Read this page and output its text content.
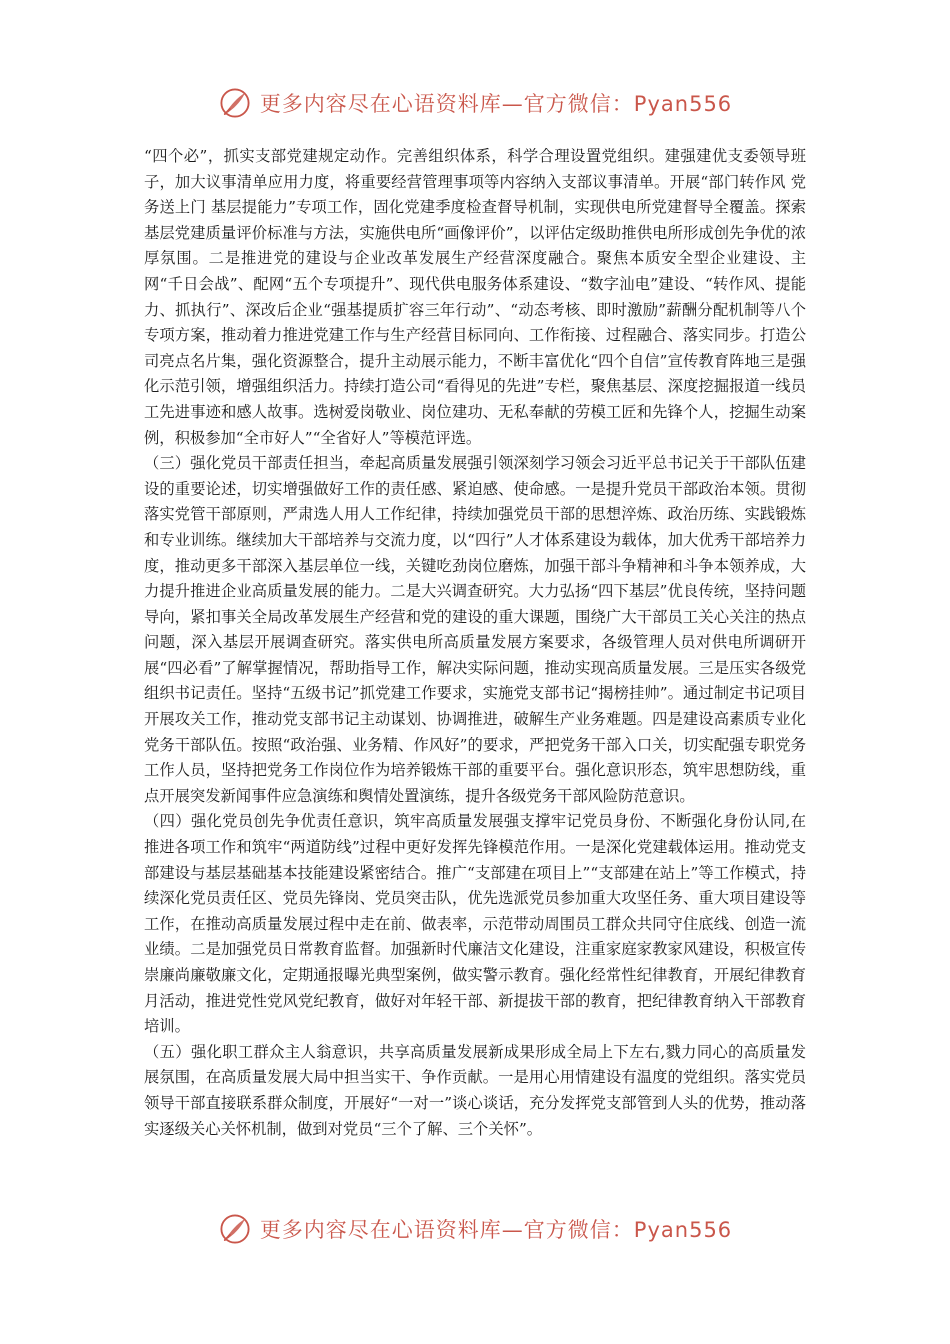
更多内容尽在心语资料库—官方微信：Pyan556

“四个必”，抓实支部党建规定动作。完善组织体系，科学合理设置党组织。建强建优支委领导班子，加大议事清单应用力度，将重要经营管理事项等内容纳入支部议事清单。开展“部门转作风 党务送上门 基层提能力”专项工作，固化党建季度检查督导机制，实现供电所党建督导全覆盖。探索基层党建质量评价标准与方法，实施供电所“画像评价”，以评估定级助推供电所形成创先争优的浓厚氛围。二是推进党的建设与企业改革发展生产经营深度融合。聚焦本质安全型企业建设、主网“千日会战”、配网“五个专项提升”、现代供电服务体系建设、“数字汕电”建设、“转作风、提能力、抓执行”、深改后企业“强基提质扩容三年行动”、“动态考核、即时激励”薪酬分配机制等八个专项方案，推动着力推进党建工作与生产经营目标同向、工作衔接、过程融合、落实同步。打造公司亮点名片集，强化资源整合，提升主动展示能力，不断丰富优化“四个自信”宣传教育阵地三是强化示范引领，增强组织活力。持续打造公司“看得见的先进”专栏，聚焦基层、深度挖掘报道一线员工先进事迹和感人故事。选树爱岗敬业、岗位建功、无私奉献的劳模工匠和先锋个人，挖掘生动案例，积极参加“全市好人”“全省好人”等模范评选。

（三）强化党员干部责任担当，牵起高质量发展强引领深刻学习领会习近平总书记关于干部队伍建设的重要论述，切实增强做好工作的责任感、紧迫感、使命感。一是提升党员干部政治本领。贯彻落实党管干部原则，严肃选人用人工作纪律，持续加强党员干部的思想淬炼、政治历练、实践锻炼和专业训练。继续加大干部培养与交流力度，以“四行”人才体系建设为载体，加大优秀干部培养力度，推动更多干部深入基层单位一线，关键吃劲岗位磨炼，加强干部斗争精神和斗争本领养成，大力提升推进企业高质量发展的能力。二是大兴调查研究。大力弘扬“四下基层”优良传统，坚持问题导向，紧扣事关全局改革发展生产经营和党的建设的重大课题，围绕广大干部员工关心关注的热点问题，深入基层开展调查研究。落实供电所高质量发展方案要求，各级管理人员对供电所调研开展“四必看”了解掌握情况，帮助指导工作，解决实际问题，推动实现高质量发展。三是压实各级党组织书记责任。坚持“五级书记”抓党建工作要求，实施党支部书记“揭榜挂帅”。通过制定书记项目开展攻关工作，推动党支部书记主动谋划、协调推进，破解生产业务难题。四是建设高素质专业化党务干部队伍。按照“政治强、业务精、作风好”的要求，严把党务干部入口关，切实配强专职党务工作人员，坚持把党务工作岗位作为培养锻炼干部的重要平台。强化意识形态，筑牢思想防线，重点开展突发新闻事件应急演练和舆情处置演练，提升各级党务干部风险防范意识。

（四）强化党员创先争优责任意识，筑牢高质量发展强支撑牢记党员身份、不断强化身份认同,在推进各项工作和筑牢“两道防线”过程中更好发挥先锋模范作用。一是深化党建载体运用。推动党支部建设与基层基础基本技能建设紧密结合。推广“支部建在项目上”“支部建在站上”等工作模式，持续深化党员责任区、党员先锋岗、党员突击队，优先选派党员参加重大攻坚任务、重大项目建设等工作，在推动高质量发展过程中走在前、做表率，示范带动周围员工群众共同守住底线、创造一流业绩。二是加强党员日常教育监督。加强新时代廉洁文化建设，注重家庭家教家风建设，积极宣传崇廉尚廉敬廉文化，定期通报曝光典型案例，做实警示教育。强化经常性纪律教育，开展纪律教育月活动，推进党性党风党纪教育，做好对年轻干部、新提拔干部的教育，把纪律教育纳入干部教育培训。

（五）强化职工群众主人翁意识，共享高质量发展新成果形成全局上下左右,戮力同心的高质量发展氛围，在高质量发展大局中担当实干、争作贡献。一是用心用情建设有温度的党组织。落实党员领导干部直接联系群众制度，开展好“一对一”谈心谈话，充分发挥党支部管到人头的优势，推动落实逐级关心关怀机制，做到对党员“三个了解、三个关怀”。

更多内容尽在心语资料库—官方微信：Pyan556
